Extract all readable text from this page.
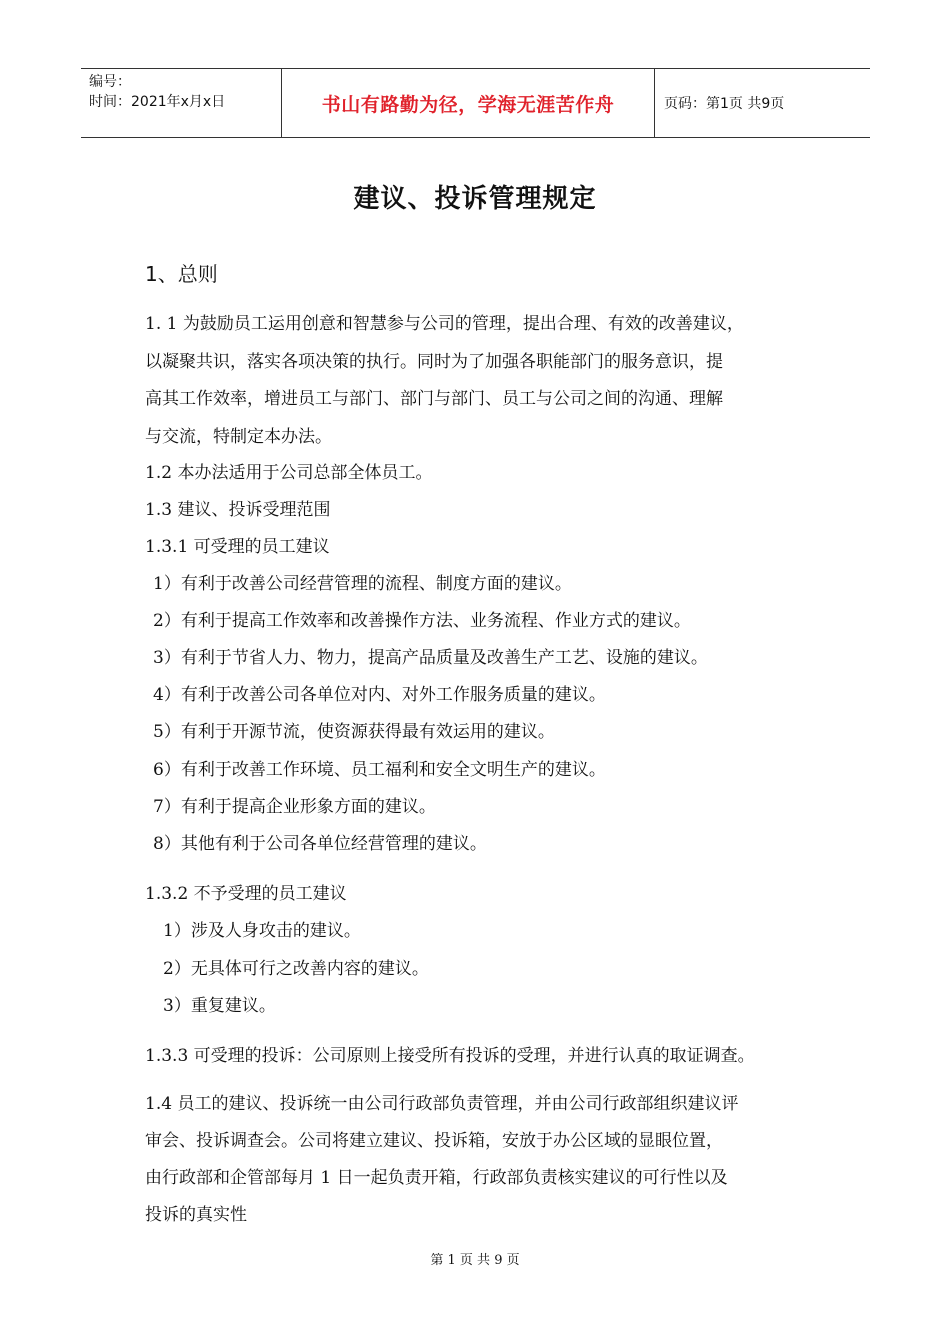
编号：
时间：2021年x月x日	书山有路勤为径，学海无涯苦作舟	页码：第1页 共9页
建议、投诉管理规定
1、总则
1. 1 为鼓励员工运用创意和智慧参与公司的管理，提出合理、有效的改善建议，
以凝聚共识，落实各项决策的执行。同时为了加强各职能部门的服务意识，提
高其工作效率，增进员工与部门、部门与部门、员工与公司之间的沟通、理解
与交流，特制定本办法。
1.2 本办法适用于公司总部全体员工。
1.3 建议、投诉受理范围
1.3.1 可受理的员工建议
1）有利于改善公司经营管理的流程、制度方面的建议。
2）有利于提高工作效率和改善操作方法、业务流程、作业方式的建议。
3）有利于节省人力、物力，提高产品质量及改善生产工艺、设施的建议。
4）有利于改善公司各单位对内、对外工作服务质量的建议。
5）有利于开源节流，使资源获得最有效运用的建议。
6）有利于改善工作环境、员工福利和安全文明生产的建议。
7）有利于提高企业形象方面的建议。
8）其他有利于公司各单位经营管理的建议。
1.3.2 不予受理的员工建议
1）涉及人身攻击的建议。
2）无具体可行之改善内容的建议。
3）重复建议。
1.3.3 可受理的投诉：公司原则上接受所有投诉的受理，并进行认真的取证调查。
1.4 员工的建议、投诉统一由公司行政部负责管理，并由公司行政部组织建议评
审会、投诉调查会。公司将建立建议、投诉箱，安放于办公区域的显眼位置，
由行政部和企管部每月 1 日一起负责开箱，行政部负责核实建议的可行性以及
投诉的真实性
第 1 页 共 9 页
